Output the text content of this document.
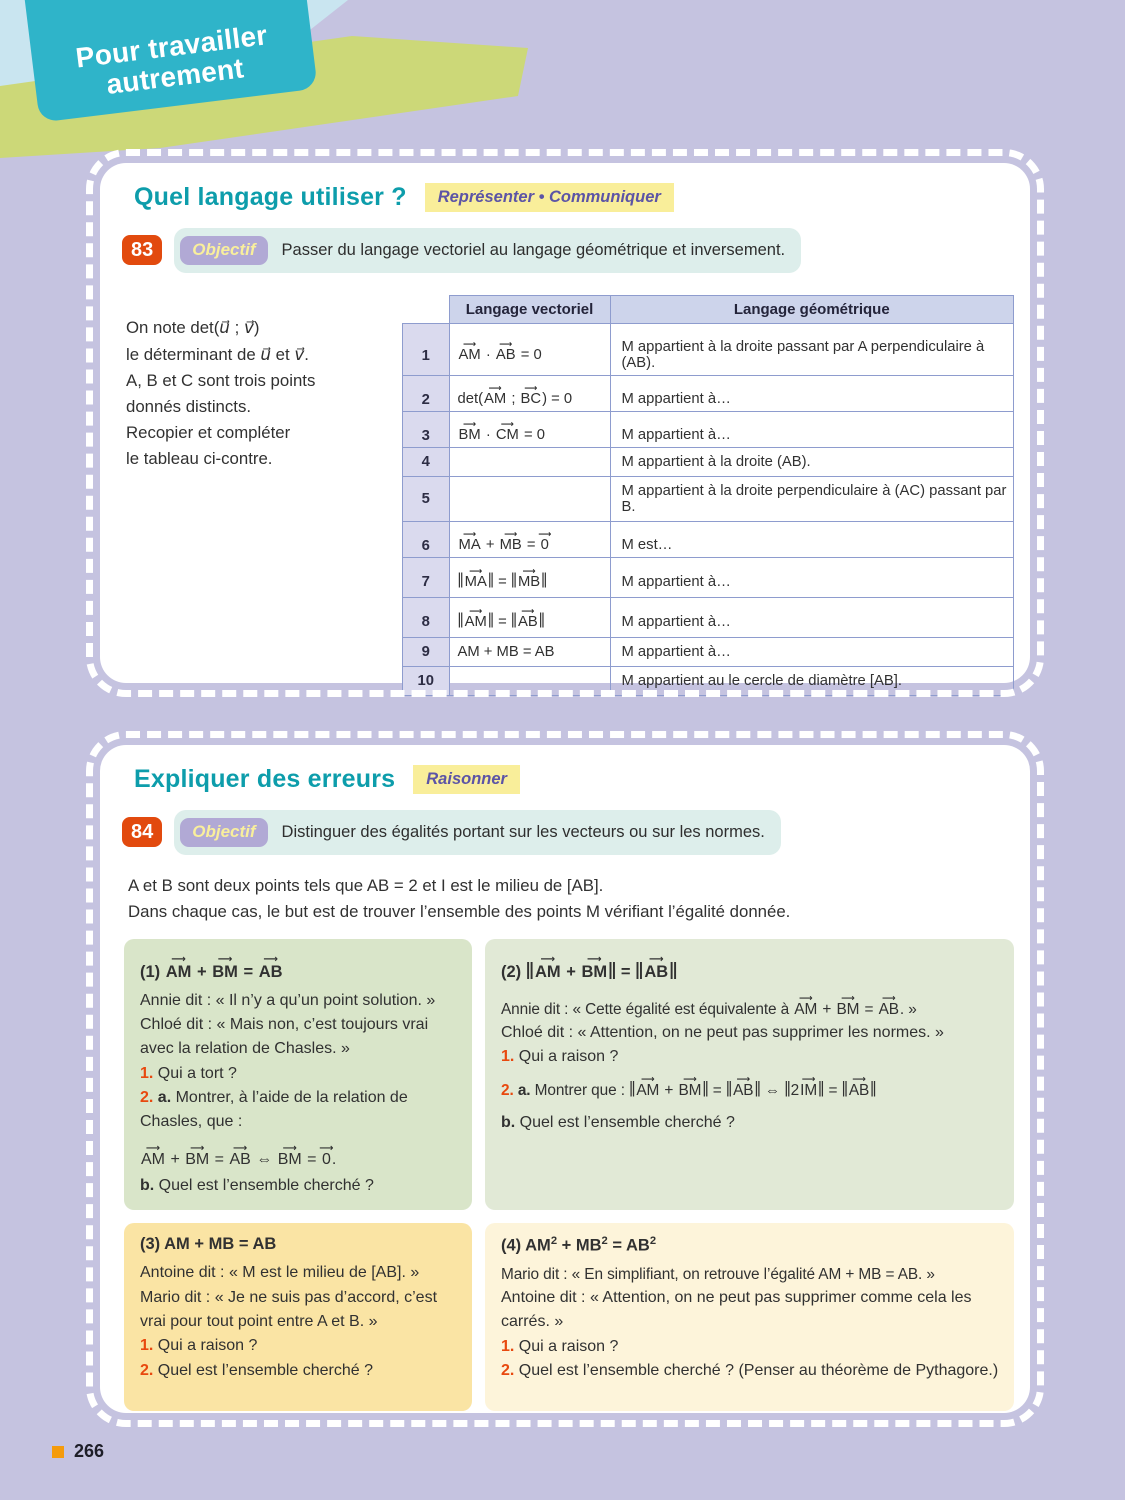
Pour travailler
autrement
Quel langage utiliser ?	Représenter • Communiquer
83	Objectif	Passer du langage vectoriel au langage géométrique et inversement.

On note det(u⃗ ; v⃗)
le déterminant de u⃗ et v⃗.
A, B et C sont trois points
donnés distincts.
Recopier et compléter
le tableau ci-contre.

	Langage vectoriel	Langage géométrique
1	⟶ AM · ⟶ AB = 0	M appartient à la droite passant par A perpendiculaire à (AB).
2	det(⟶ AM ; ⟶ BC) = 0	M appartient à…
3	⟶ BM · ⟶ CM = 0	M appartient à…
4		M appartient à la droite (AB).
5		M appartient à la droite perpendiculaire à (AC) passant par B.
6	⟶ MA + ⟶ MB = ⟶ 0	M est…
7	‖⟶ MA‖ = ‖⟶ MB‖	M appartient à…
8	‖⟶ AM‖ = ‖⟶ AB‖	M appartient à…
9	AM + MB = AB	M appartient à…
10		M appartient au le cercle de diamètre [AB].
Expliquer des erreurs	Raisonner
84	Objectif	Distinguer des égalités portant sur les vecteurs ou sur les normes.

A et B sont deux points tels que AB = 2 et I est le milieu de [AB].
Dans chaque cas, le but est de trouver l’ensemble des points M vérifiant l’égalité donnée.

(1) ⟶ AM + ⟶ BM = ⟶ AB

Annie dit : « Il n’y a qu’un point solution. »

Chloé dit : « Mais non, c’est toujours vrai avec la relation de Chasles. »

1. Qui a tort ?

2. a. Montrer, à l’aide de la relation de Chasles, que :

⟶ AM + ⟶ BM = ⟶ AB ⇔ ⟶ BM = ⟶ 0.

b. Quel est l’ensemble cherché ?

(2) ‖⟶ AM + ⟶ BM‖ = ‖⟶ AB‖

Annie dit : « Cette égalité est équivalente à ⟶ AM + ⟶ BM = ⟶ AB. »

Chloé dit : « Attention, on ne peut pas supprimer les normes. »

1. Qui a raison ?

2. a. Montrer que : ‖⟶ AM + ⟶ BM‖ = ‖⟶ AB‖ ⇔ ‖2⟶ IM‖ = ‖⟶ AB‖

b. Quel est l’ensemble cherché ?

(3) AM + MB = AB

Antoine dit : « M est le milieu de [AB]. »

Mario dit : « Je ne suis pas d’accord, c’est vrai pour tout point entre A et B. »

1. Qui a raison ?

2. Quel est l’ensemble cherché ?

(4) $AM^2 + MB^2 = AB^2$

Mario dit : « En simplifiant, on retrouve l’égalité AM + MB = AB. »

Antoine dit : « Attention, on ne peut pas supprimer comme cela les carrés. »

1. Qui a raison ?

2. Quel est l’ensemble cherché ? (Penser au théorème de Pythagore.)

266
